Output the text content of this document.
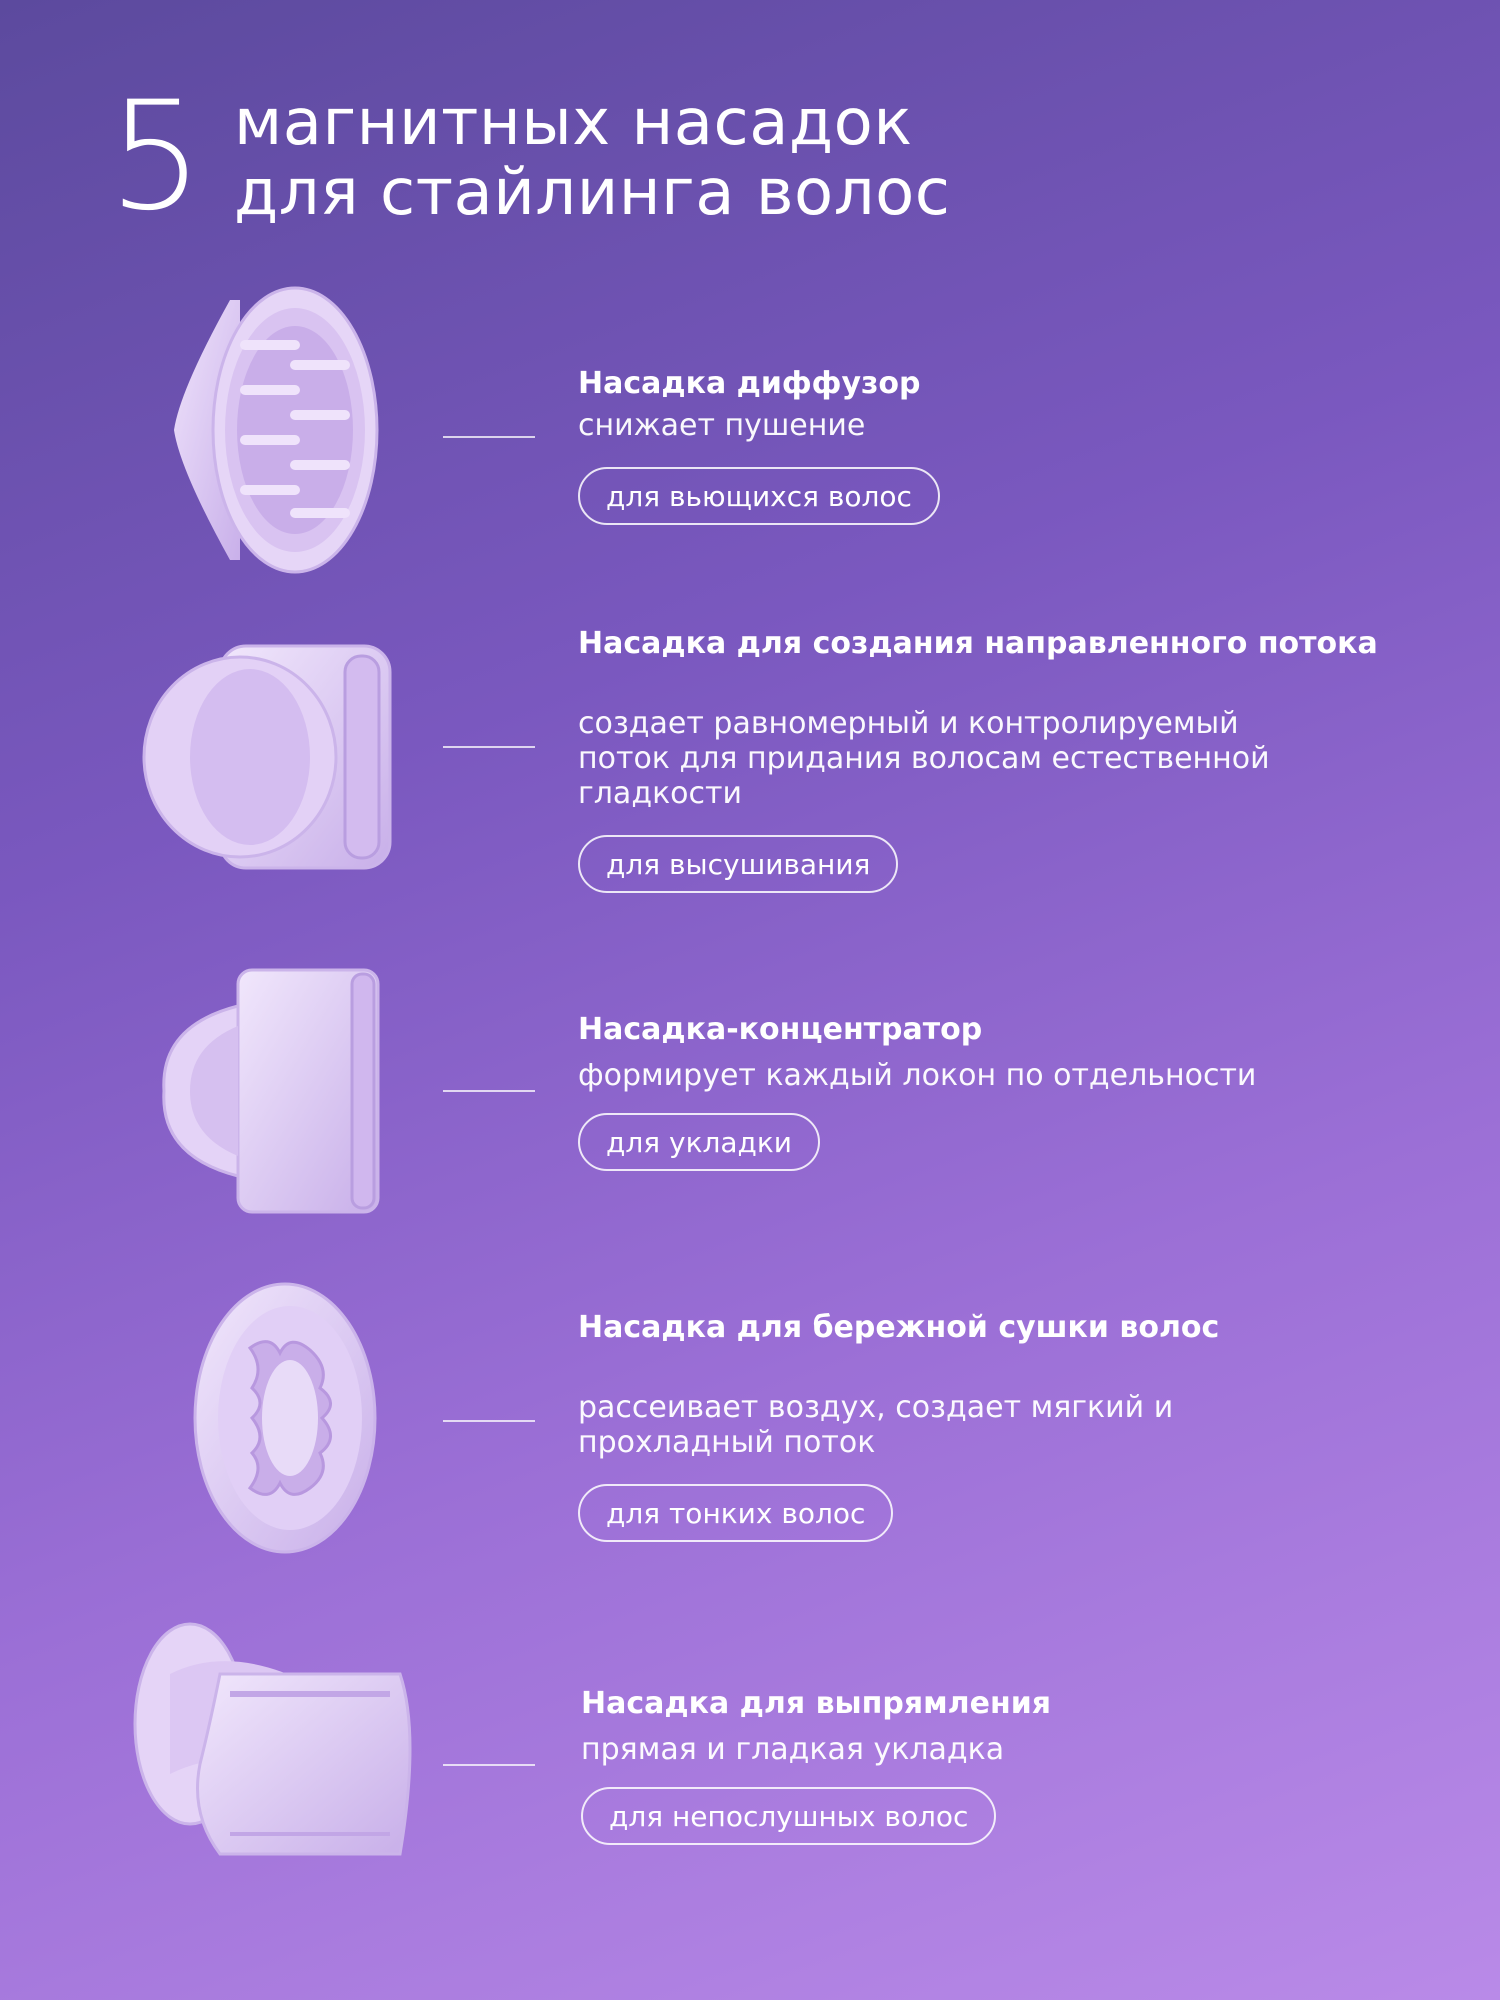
5 магнитных насадок
для стайлинга волос

Насадка диффузор

снижает пушение

для вьющихся волос

Насадка для создания направленного потока

создает равномерный и контролируемый

поток для придания волосам естественной

гладкости

для высушивания

Насадка-концентратор

формирует каждый локон по отдельности

для укладки

Насадка для бережной сушки волос

рассеивает воздух, создает мягкий и

прохладный поток

для тонких волос

Насадка для выпрямления

прямая и гладкая укладка

для непослушных волос
